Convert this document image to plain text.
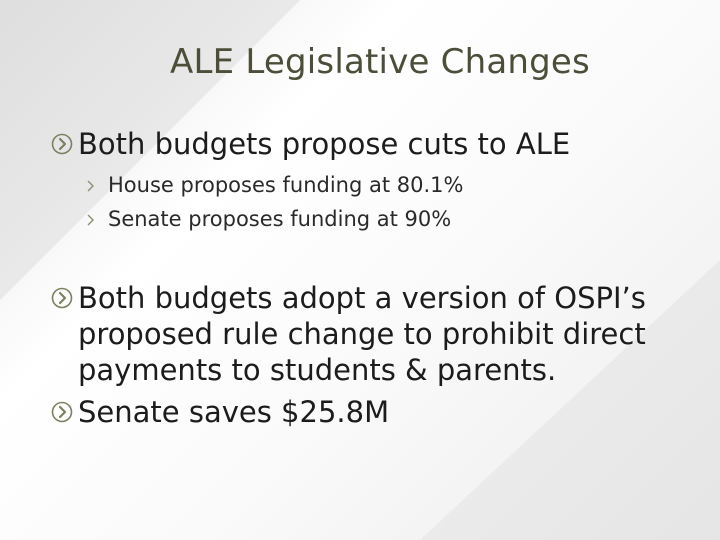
ALE Legislative Changes
Both budgets propose cuts to ALE
House proposes funding at 80.1%
Senate proposes funding at 90%
Both budgets adopt a version of OSPI’s
proposed rule change to prohibit direct
payments to students & parents.
Senate saves $25.8M
